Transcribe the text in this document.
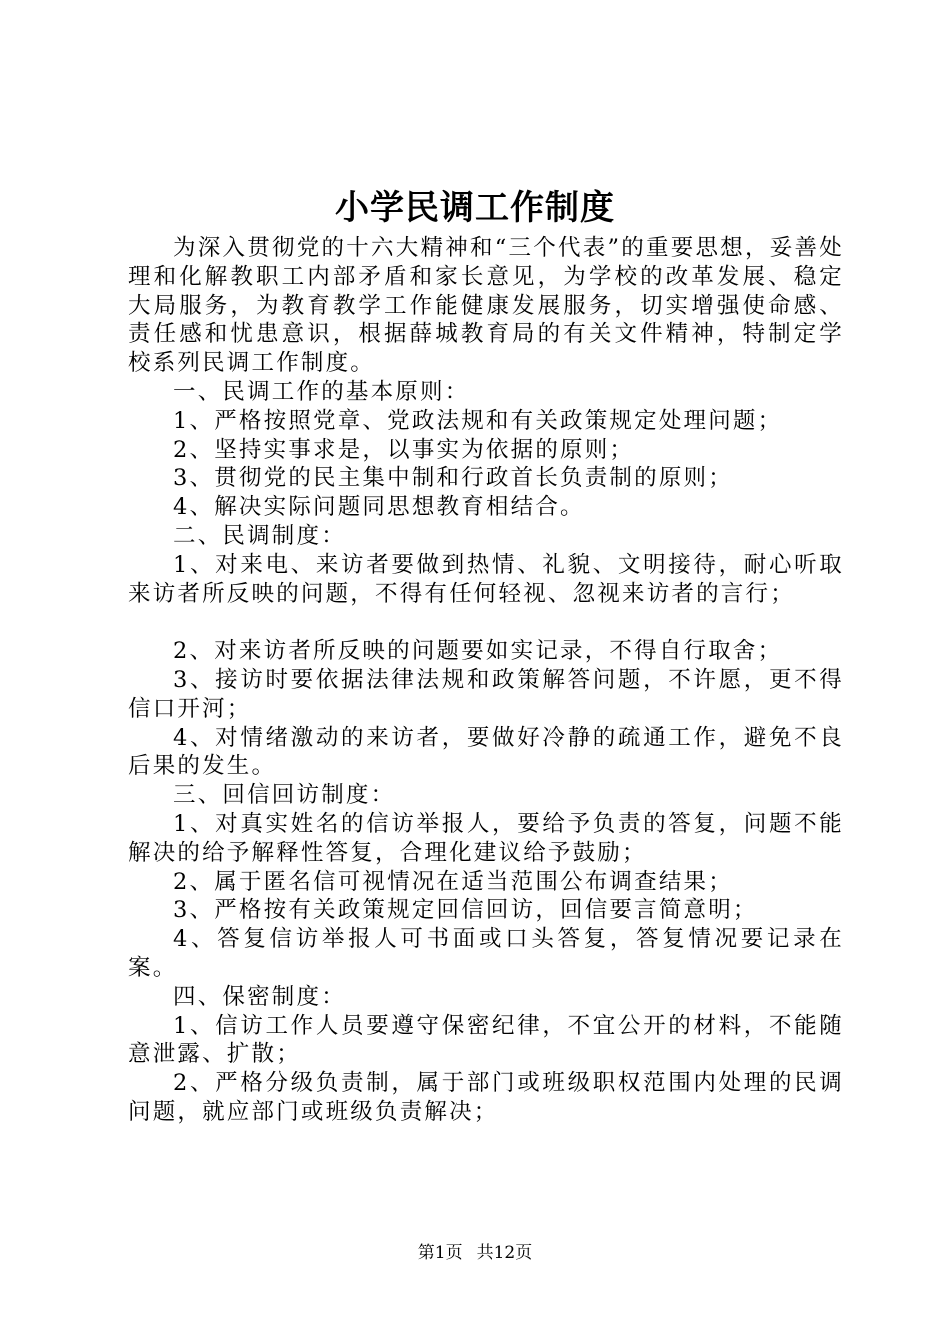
小学民调工作制度

为深入贯彻党的十六大精神和“三个代表”的重要思想，妥善处理和化解教职工内部矛盾和家长意见，为学校的改革发展、稳定大局服务，为教育教学工作能健康发展服务，切实增强使命感、责任感和忧患意识，根据薛城教育局的有关文件精神，特制定学校系列民调工作制度。

一、民调工作的基本原则：

1、严格按照党章、党政法规和有关政策规定处理问题；

2、坚持实事求是，以事实为依据的原则；

3、贯彻党的民主集中制和行政首长负责制的原则；

4、解决实际问题同思想教育相结合。

二、民调制度：

1、对来电、来访者要做到热情、礼貌、文明接待，耐心听取来访者所反映的问题，不得有任何轻视、忽视来访者的言行；

2、对来访者所反映的问题要如实记录，不得自行取舍；

3、接访时要依据法律法规和政策解答问题，不许愿，更不得信口开河；

4、对情绪激动的来访者，要做好冷静的疏通工作，避免不良后果的发生。

三、回信回访制度：

1、对真实姓名的信访举报人，要给予负责的答复，问题不能解决的给予解释性答复，合理化建议给予鼓励；

2、属于匿名信可视情况在适当范围公布调查结果；

3、严格按有关政策规定回信回访，回信要言简意明；

4、答复信访举报人可书面或口头答复，答复情况要记录在案。

四、保密制度：

1、信访工作人员要遵守保密纪律，不宜公开的材料，不能随意泄露、扩散；

2、严格分级负责制，属于部门或班级职权范围内处理的民调问题，就应部门或班级负责解决；

第1页 共12页
